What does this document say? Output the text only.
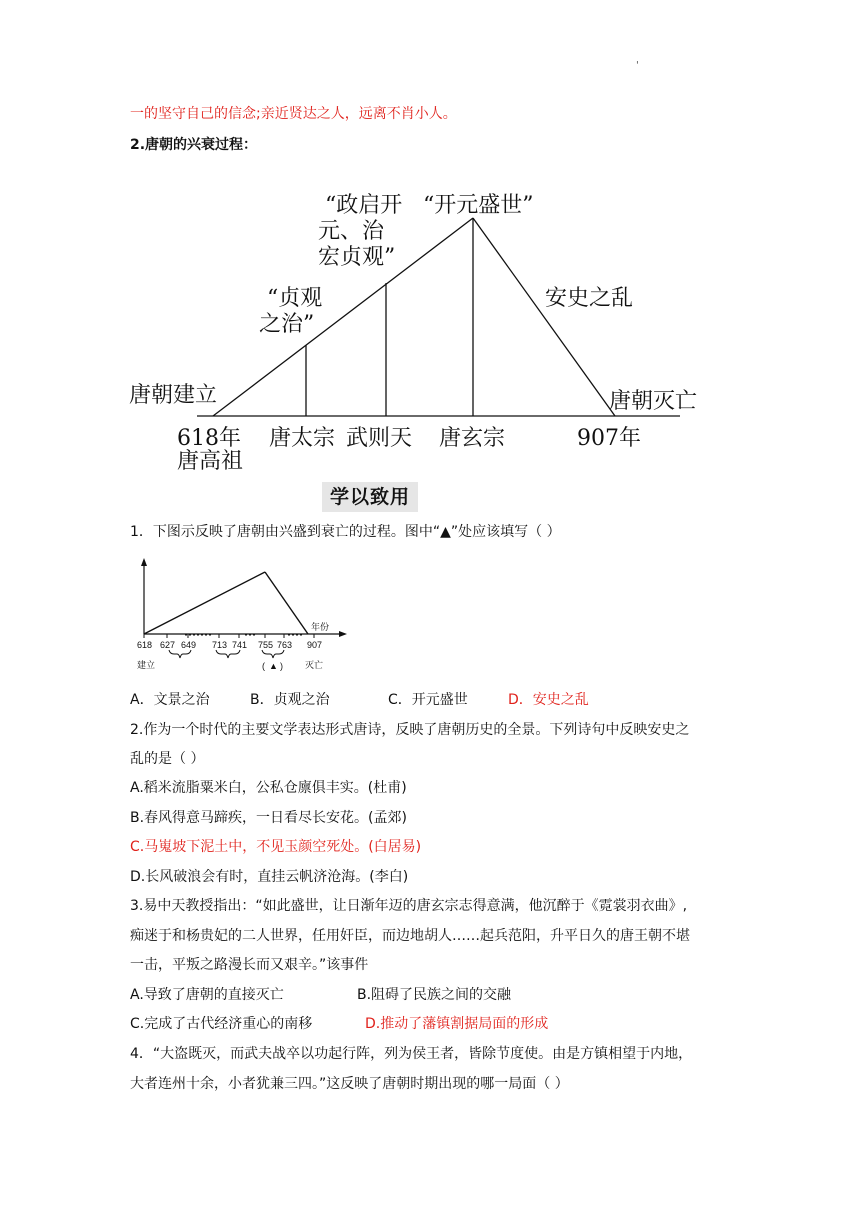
'
一的坚守自己的信念;亲近贤达之人，远离不肖小人。
2.唐朝的兴衰过程：
“政启开
元、治
宏贞观”
“开元盛世”
“贞观
之治”
安史之乱
唐朝建立	唐朝灭亡
618年
唐高祖
唐太宗 武则天 唐玄宗	907年
学以致用
1．下图示反映了唐朝由兴盛到衰亡的过程。图中“▲”处应该填写（ ）
年份
618 627 649 713 741 755 763 907
( ▲ )
建立	灭亡
A．文景之治	B．贞观之治	C．开元盛世	D．安史之乱
2.作为一个时代的主要文学表达形式唐诗，反映了唐朝历史的全景。下列诗句中反映安史之
乱的是（ ）
A.稻米流脂粟米白，公私仓廪俱丰实。(杜甫)
B.春风得意马蹄疾，一日看尽长安花。(孟郊)
C.马嵬坡下泥土中，不见玉颜空死处。(白居易)
D.长风破浪会有时，直挂云帆济沧海。(李白)
3.易中天教授指出：“如此盛世，让日渐年迈的唐玄宗志得意满，他沉醉于《霓裳羽衣曲》,
痴迷于和杨贵妃的二人世界，任用奸臣，而边地胡人……起兵范阳，升平日久的唐王朝不堪
一击，平叛之路漫长而又艰辛。”该事件
A.导致了唐朝的直接灭亡	B.阻碍了民族之间的交融
C.完成了古代经济重心的南移	D.推动了藩镇割据局面的形成
4．“大盗既灭，而武夫战卒以功起行阵，列为侯王者，皆除节度使。由是方镇相望于内地，
大者连州十余，小者犹兼三四。”这反映了唐朝时期出现的哪一局面（ ）
